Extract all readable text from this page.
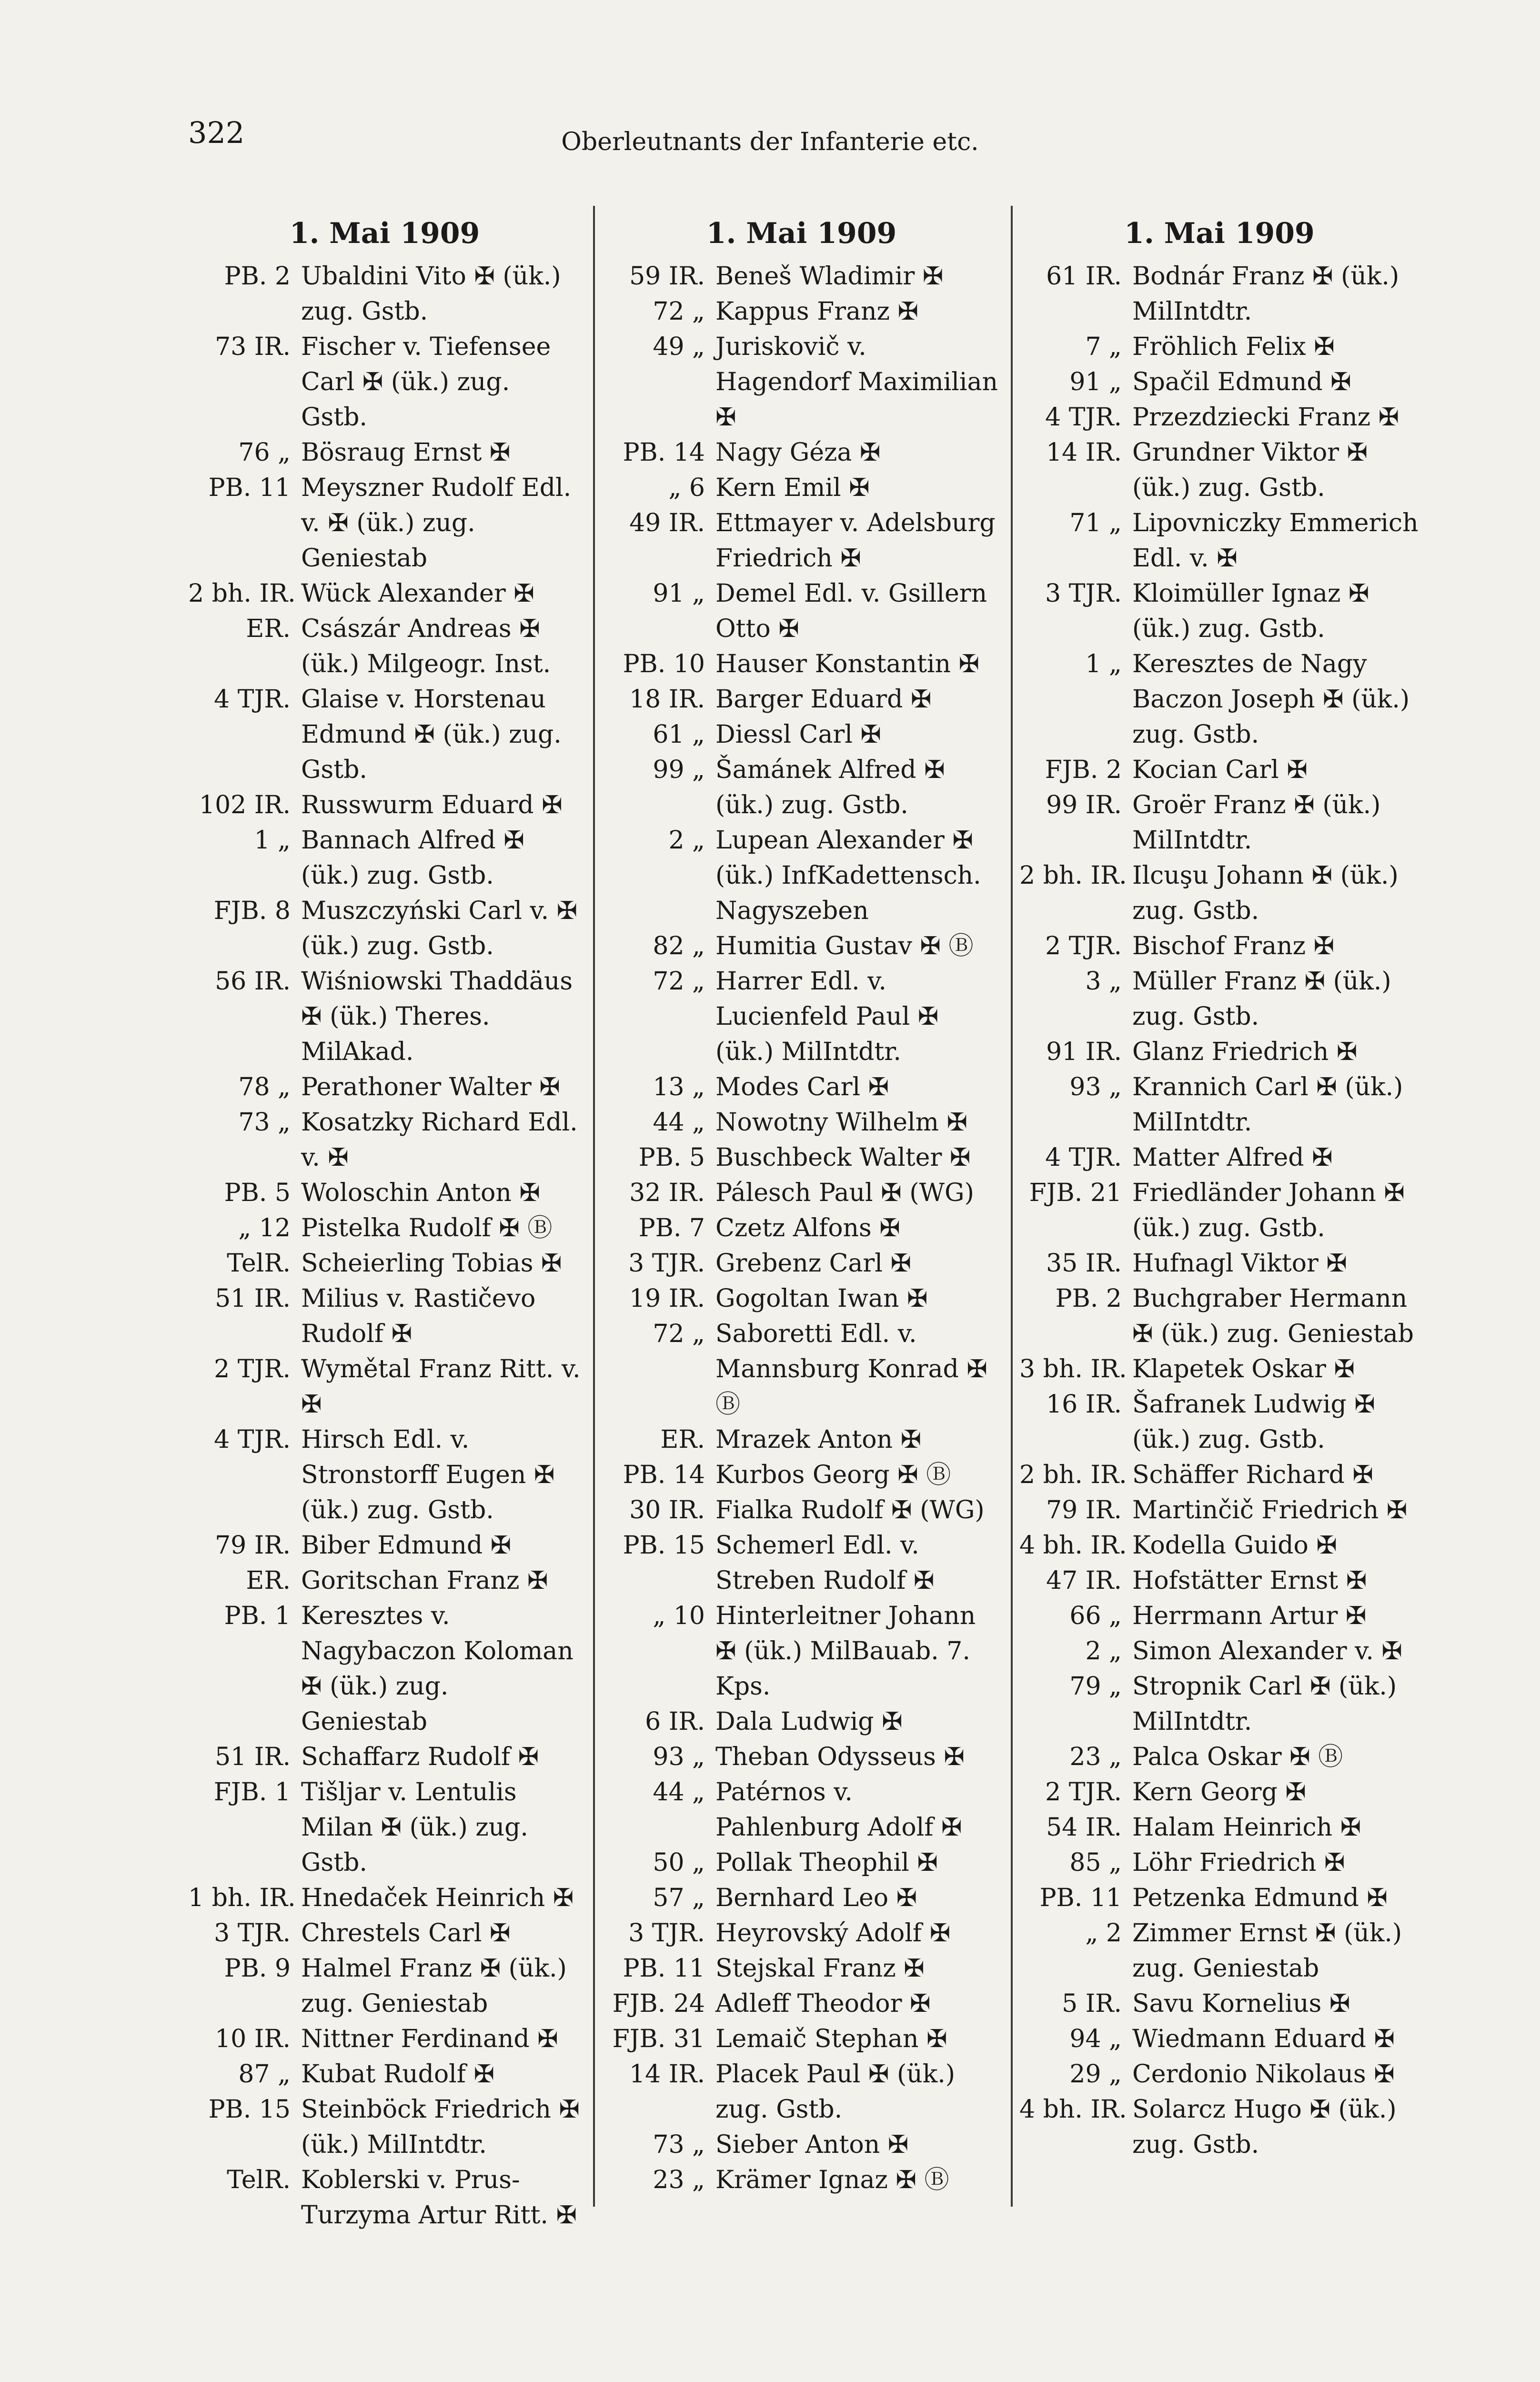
322	Oberleutnants der Infanterie etc.
1. Mai 1909
PB. 2 Ubaldini Vito ✠ (ük.) zug. Gstb.
73 IR. Fischer v. Tiefensee Carl ✠ (ük.) zug. Gstb.
76 „ Bösraug Ernst ✠
PB. 11 Meyszner Rudolf Edl. v. ✠ (ük.) zug. Geniestab
2 bh. IR. Wück Alexander ✠
ER. Császár Andreas ✠ (ük.) Milgeogr. Inst.
4 TJR. Glaise v. Horstenau Edmund ✠ (ük.) zug. Gstb.
102 IR. Russwurm Eduard ✠
1 „ Bannach Alfred ✠ (ük.) zug. Gstb.
FJB. 8 Muszczyński Carl v. ✠ (ük.) zug. Gstb.
56 IR. Wiśniowski Thaddäus ✠ (ük.) Theres. MilAkad.
78 „ Perathoner Walter ✠
73 „ Kosatzky Richard Edl. v. ✠
PB. 5 Woloschin Anton ✠
„ 12 Pistelka Rudolf ✠ Ⓑ
TelR. Scheierling Tobias ✠
51 IR. Milius v. Rastičevo Rudolf ✠
2 TJR. Wymětal Franz Ritt. v. ✠
4 TJR. Hirsch Edl. v. Stronstorff Eugen ✠ (ük.) zug. Gstb.
79 IR. Biber Edmund ✠
ER. Goritschan Franz ✠
PB. 1 Keresztes v. Nagybaczon Koloman ✠ (ük.) zug. Geniestab
51 IR. Schaffarz Rudolf ✠
FJB. 1 Tišljar v. Lentulis Milan ✠ (ük.) zug. Gstb.
1 bh. IR. Hnedaček Heinrich ✠
3 TJR. Chrestels Carl ✠
PB. 9 Halmel Franz ✠ (ük.) zug. Geniestab
10 IR. Nittner Ferdinand ✠
87 „ Kubat Rudolf ✠
PB. 15 Steinböck Friedrich ✠ (ük.) MilIntdtr.
TelR. Koblerski v. Prus-Turzyma Artur Ritt. ✠
1. Mai 1909
59 IR. Beneš Wladimir ✠
72 „ Kappus Franz ✠
49 „ Juriskovič v. Hagendorf Maximilian ✠
PB. 14 Nagy Géza ✠
„ 6 Kern Emil ✠
49 IR. Ettmayer v. Adelsburg Friedrich ✠
91 „ Demel Edl. v. Gsillern Otto ✠
PB. 10 Hauser Konstantin ✠
18 IR. Barger Eduard ✠
61 „ Diessl Carl ✠
99 „ Šamánek Alfred ✠ (ük.) zug. Gstb.
2 „ Lupean Alexander ✠ (ük.) InfKadettensch. Nagyszeben
82 „ Humitia Gustav ✠ Ⓑ
72 „ Harrer Edl. v. Lucienfeld Paul ✠ (ük.) MilIntdtr.
13 „ Modes Carl ✠
44 „ Nowotny Wilhelm ✠
PB. 5 Buschbeck Walter ✠
32 IR. Pálesch Paul ✠ (WG)
PB. 7 Czetz Alfons ✠
3 TJR. Grebenz Carl ✠
19 IR. Gogoltan Iwan ✠
72 „ Saboretti Edl. v. Mannsburg Konrad ✠ Ⓑ
ER. Mrazek Anton ✠
PB. 14 Kurbos Georg ✠ Ⓑ
30 IR. Fialka Rudolf ✠ (WG)
PB. 15 Schemerl Edl. v. Streben Rudolf ✠
„ 10 Hinterleitner Johann ✠ (ük.) MilBauab. 7. Kps.
6 IR. Dala Ludwig ✠
93 „ Theban Odysseus ✠
44 „ Patérnos v. Pahlenburg Adolf ✠
50 „ Pollak Theophil ✠
57 „ Bernhard Leo ✠
3 TJR. Heyrovský Adolf ✠
PB. 11 Stejskal Franz ✠
FJB. 24 Adleff Theodor ✠
FJB. 31 Lemaič Stephan ✠
14 IR. Placek Paul ✠ (ük.) zug. Gstb.
73 „ Sieber Anton ✠
23 „ Krämer Ignaz ✠ Ⓑ
1. Mai 1909
61 IR. Bodnár Franz ✠ (ük.) MilIntdtr.
7 „ Fröhlich Felix ✠
91 „ Spačil Edmund ✠
4 TJR. Przezdziecki Franz ✠
14 IR. Grundner Viktor ✠ (ük.) zug. Gstb.
71 „ Lipovniczky Emmerich Edl. v. ✠
3 TJR. Kloimüller Ignaz ✠ (ük.) zug. Gstb.
1 „ Keresztes de Nagy Baczon Joseph ✠ (ük.) zug. Gstb.
FJB. 2 Kocian Carl ✠
99 IR. Groër Franz ✠ (ük.) MilIntdtr.
2 bh. IR. Ilcuşu Johann ✠ (ük.) zug. Gstb.
2 TJR. Bischof Franz ✠
3 „ Müller Franz ✠ (ük.) zug. Gstb.
91 IR. Glanz Friedrich ✠
93 „ Krannich Carl ✠ (ük.) MilIntdtr.
4 TJR. Matter Alfred ✠
FJB. 21 Friedländer Johann ✠ (ük.) zug. Gstb.
35 IR. Hufnagl Viktor ✠
PB. 2 Buchgraber Hermann ✠ (ük.) zug. Geniestab
3 bh. IR. Klapetek Oskar ✠
16 IR. Šafranek Ludwig ✠ (ük.) zug. Gstb.
2 bh. IR. Schäffer Richard ✠
79 IR. Martinčič Friedrich ✠
4 bh. IR. Kodella Guido ✠
47 IR. Hofstätter Ernst ✠
66 „ Herrmann Artur ✠
2 „ Simon Alexander v. ✠
79 „ Stropnik Carl ✠ (ük.) MilIntdtr.
23 „ Palca Oskar ✠ Ⓑ
2 TJR. Kern Georg ✠
54 IR. Halam Heinrich ✠
85 „ Löhr Friedrich ✠
PB. 11 Petzenka Edmund ✠
„ 2 Zimmer Ernst ✠ (ük.) zug. Geniestab
5 IR. Savu Kornelius ✠
94 „ Wiedmann Eduard ✠
29 „ Cerdonio Nikolaus ✠
4 bh. IR. Solarcz Hugo ✠ (ük.) zug. Gstb.
